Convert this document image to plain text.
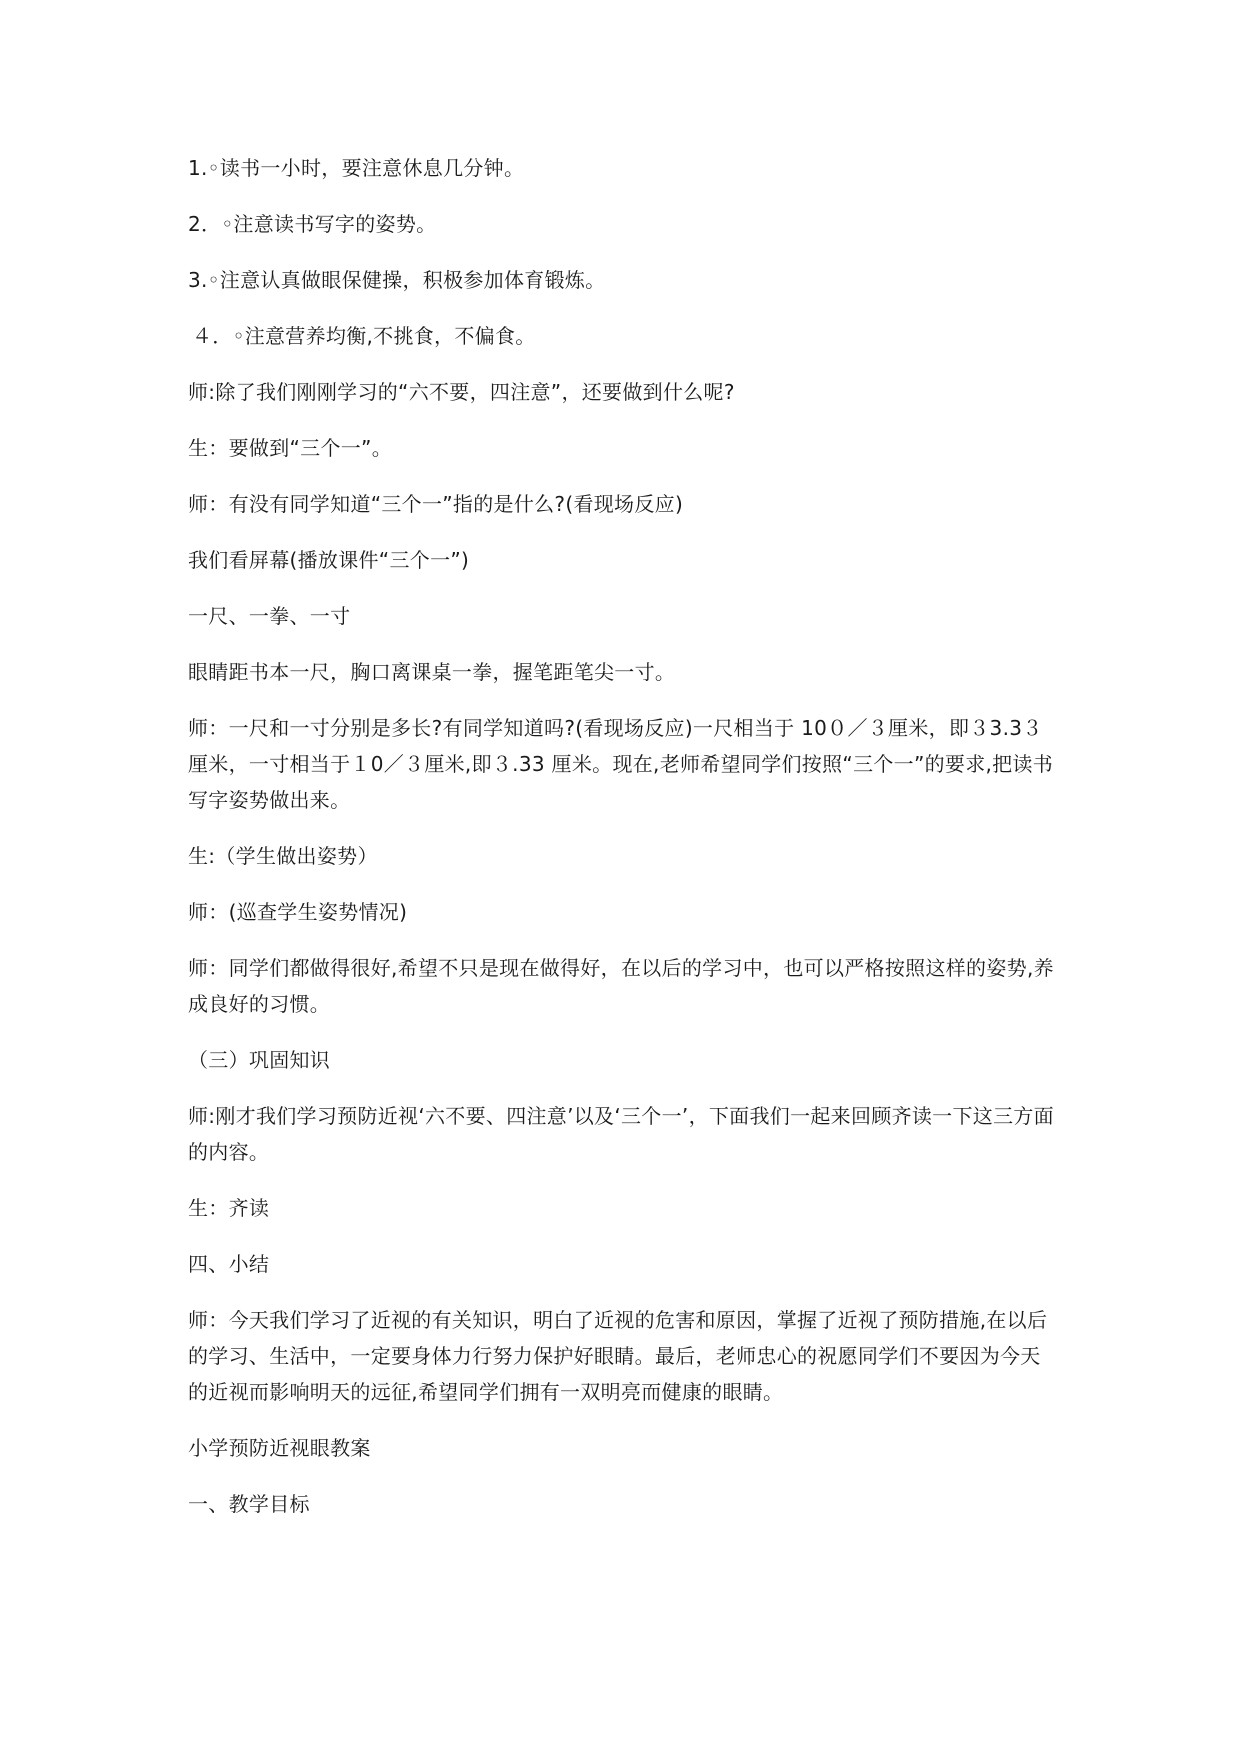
1.◦读书一小时，要注意休息几分钟。

2．◦注意读书写字的姿势。

3.◦注意认真做眼保健操，积极参加体育锻炼。

４．◦注意营养均衡,不挑食，不偏食。

师:除了我们刚刚学习的“六不要，四注意”，还要做到什么呢?

生：要做到“三个一”。

师：有没有同学知道“三个一”指的是什么?(看现场反应)

我们看屏幕(播放课件“三个一”)

一尺、一拳、一寸

眼睛距书本一尺，胸口离课桌一拳，握笔距笔尖一寸。

师：一尺和一寸分别是多长?有同学知道吗?(看现场反应)一尺相当于 10０／３厘米，即３3.3３厘米，一寸相当于１0／３厘米,即３.33 厘米。现在,老师希望同学们按照“三个一”的要求,把读书写字姿势做出来。

生:（学生做出姿势）

师：(巡查学生姿势情况)

师：同学们都做得很好,希望不只是现在做得好，在以后的学习中，也可以严格按照这样的姿势,养成良好的习惯。

（三）巩固知识

师:刚才我们学习预防近视‘六不要、四注意’以及‘三个一’，下面我们一起来回顾齐读一下这三方面的内容。

生：齐读

四、小结

师：今天我们学习了近视的有关知识，明白了近视的危害和原因，掌握了近视了预防措施,在以后的学习、生活中，一定要身体力行努力保护好眼睛。最后，老师忠心的祝愿同学们不要因为今天的近视而影响明天的远征,希望同学们拥有一双明亮而健康的眼睛。

小学预防近视眼教案

一、教学目标
